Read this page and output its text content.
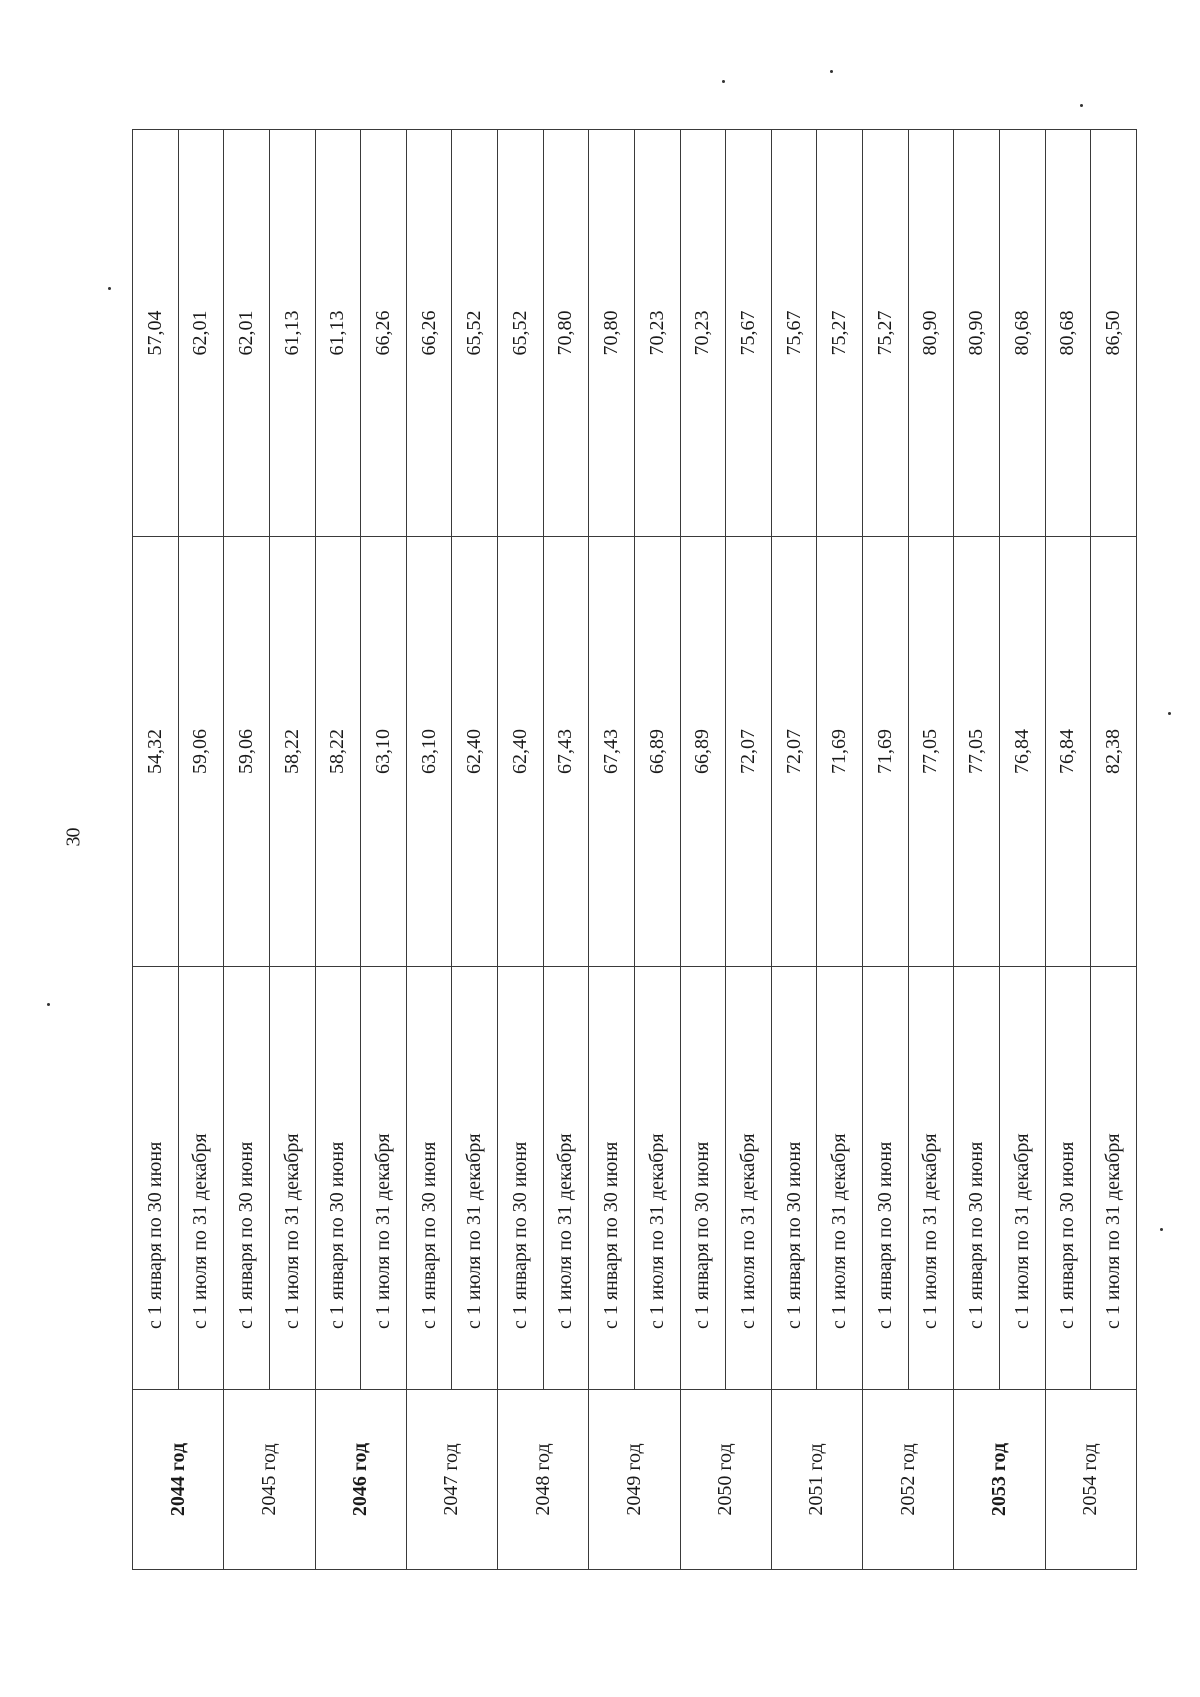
30
2044 год	с 1 января по 30 июня	54,32	57,04
	с 1 июля по 31 декабря	59,06	62,01
2045 год	с 1 января по 30 июня	59,06	62,01
	с 1 июля по 31 декабря	58,22	61,13
2046 год	с 1 января по 30 июня	58,22	61,13
	с 1 июля по 31 декабря	63,10	66,26
2047 год	с 1 января по 30 июня	63,10	66,26
	с 1 июля по 31 декабря	62,40	65,52
2048 год	с 1 января по 30 июня	62,40	65,52
	с 1 июля по 31 декабря	67,43	70,80
2049 год	с 1 января по 30 июня	67,43	70,80
	с 1 июля по 31 декабря	66,89	70,23
2050 год	с 1 января по 30 июня	66,89	70,23
	с 1 июля по 31 декабря	72,07	75,67
2051 год	с 1 января по 30 июня	72,07	75,67
	с 1 июля по 31 декабря	71,69	75,27
2052 год	с 1 января по 30 июня	71,69	75,27
	с 1 июля по 31 декабря	77,05	80,90
2053 год	с 1 января по 30 июня	77,05	80,90
	с 1 июля по 31 декабря	76,84	80,68
2054 год	с 1 января по 30 июня	76,84	80,68
	с 1 июля по 31 декабря	82,38	86,50
